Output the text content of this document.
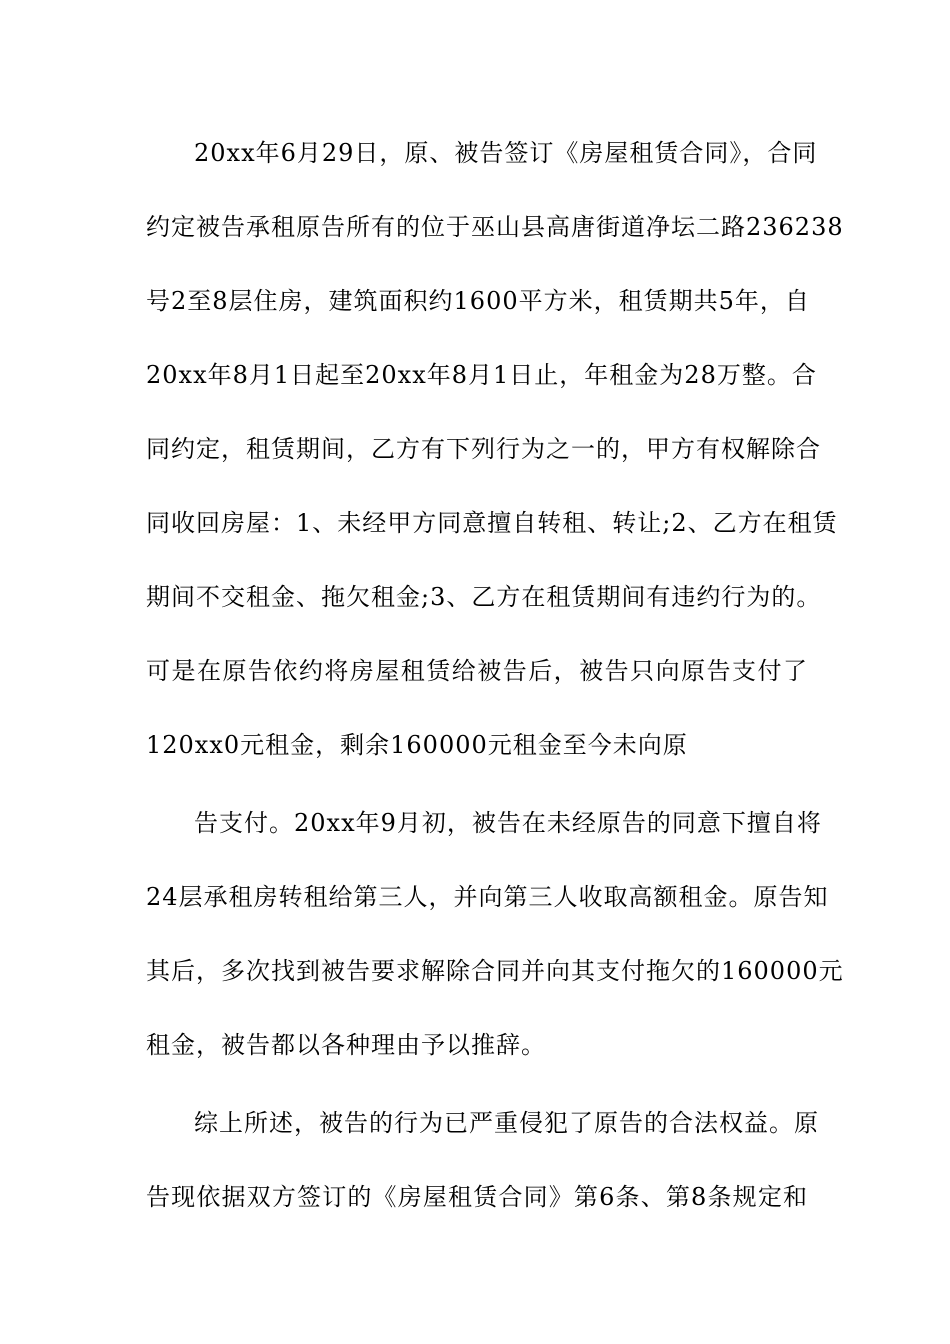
20xx年6月29日，原、被告签订《房屋租赁合同》，合同
约定被告承租原告所有的位于巫山县高唐街道净坛二路236238
号2至8层住房，建筑面积约1600平方米，租赁期共5年，自
20xx年8月1日起至20xx年8月1日止，年租金为28万整。合
同约定，租赁期间，乙方有下列行为之一的，甲方有权解除合
同收回房屋：1、未经甲方同意擅自转租、转让;2、乙方在租赁
期间不交租金、拖欠租金;3、乙方在租赁期间有违约行为的。
可是在原告依约将房屋租赁给被告后，被告只向原告支付了
120xx0元租金，剩余160000元租金至今未向原
告支付。20xx年9月初，被告在未经原告的同意下擅自将
24层承租房转租给第三人，并向第三人收取高额租金。原告知
其后，多次找到被告要求解除合同并向其支付拖欠的160000元
租金，被告都以各种理由予以推辞。
综上所述，被告的行为已严重侵犯了原告的合法权益。原
告现依据双方签订的《房屋租赁合同》第6条、第8条规定和
